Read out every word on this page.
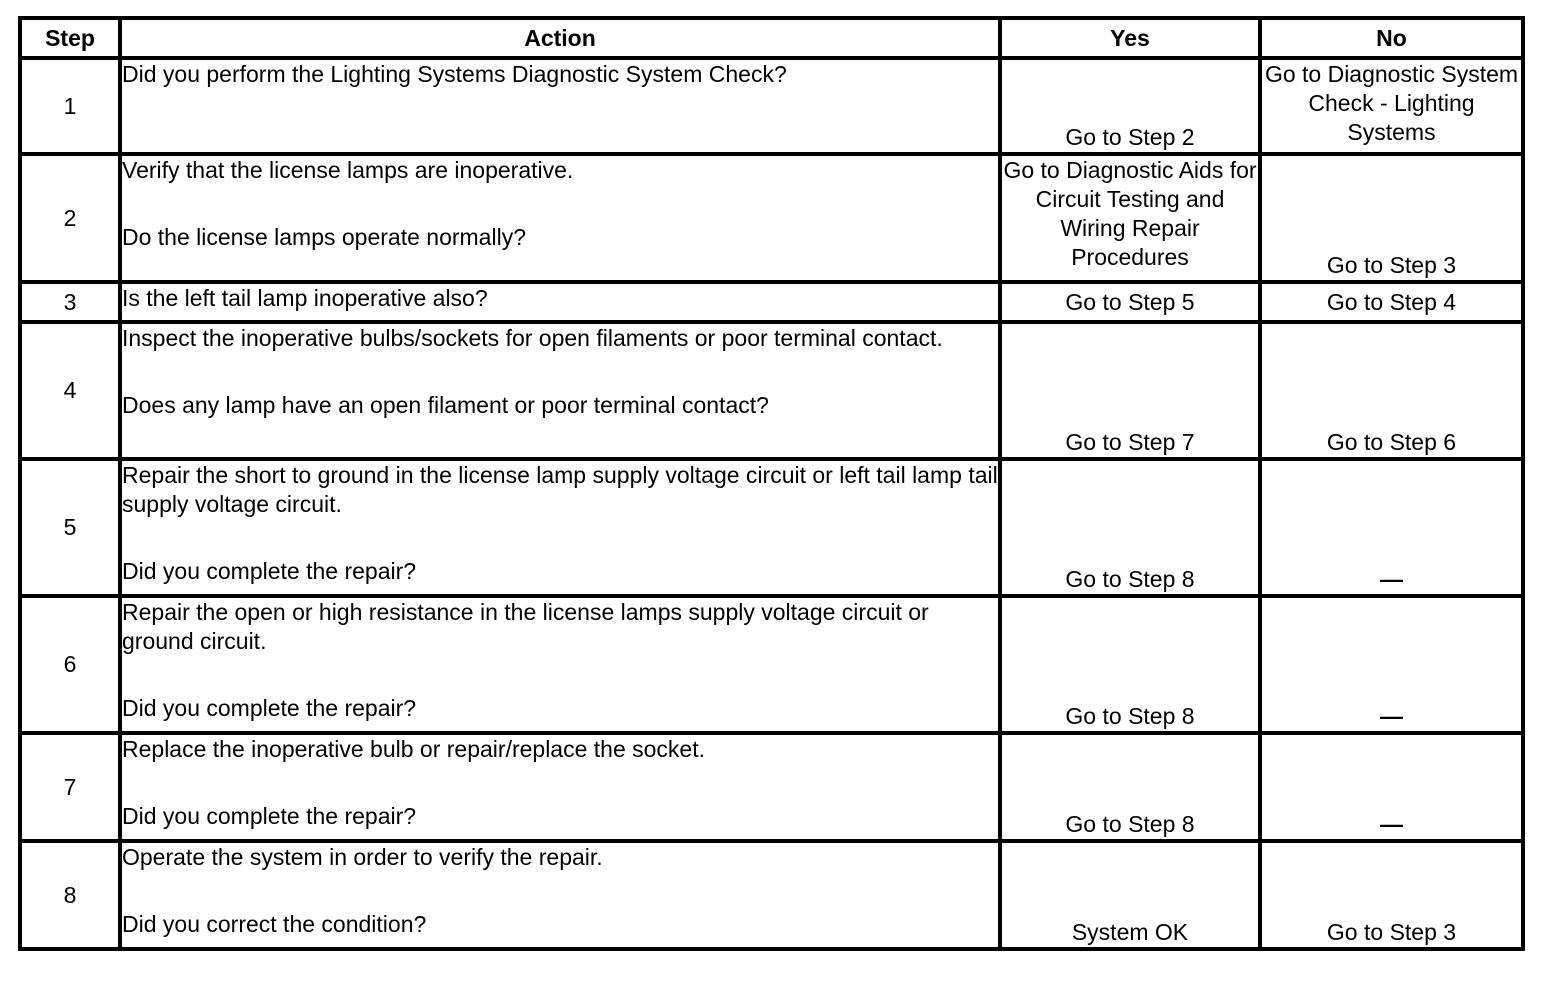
Step	Action	Yes	No
1	Did you perform the Lighting Systems Diagnostic System Check?	Go to Step 2	Go to Diagnostic System Check - Lighting Systems
2	Verify that the license lamps are inoperative.

Do the license lamps operate normally?	Go to Diagnostic Aids for Circuit Testing and Wiring Repair Procedures	Go to Step 3
3	Is the left tail lamp inoperative also?	Go to Step 5	Go to Step 4
4	Inspect the inoperative bulbs/sockets for open filaments or poor terminal contact.

Does any lamp have an open filament or poor terminal contact?	Go to Step 7	Go to Step 6
5	Repair the short to ground in the license lamp supply voltage circuit or left tail lamp tail supply voltage circuit.

Did you complete the repair?	Go to Step 8	—
6	Repair the open or high resistance in the license lamps supply voltage circuit or ground circuit.

Did you complete the repair?	Go to Step 8	—
7	Replace the inoperative bulb or repair/replace the socket.

Did you complete the repair?	Go to Step 8	—
8	Operate the system in order to verify the repair.

Did you correct the condition?	System OK	Go to Step 3
